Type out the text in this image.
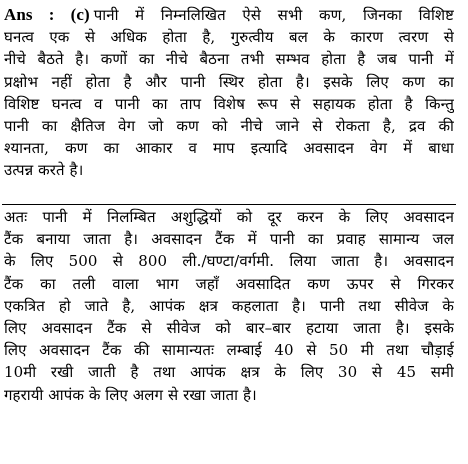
Ans : (c) पानी में निम्नलिखित ऐसे सभी कण, जिनका विशिष्ट
घनत्व एक से अधिक होता है, गुरुत्वीय बल के कारण त्वरण से
नीचे बैठते है। कणों का नीचे बैठना तभी सम्भव होता है जब पानी में
प्रक्षोभ नहीं होता है और पानी स्थिर होता है। इसके लिए कण का
विशिष्ट घनत्व व पानी का ताप विशेष रूप से सहायक होता है किन्तु
पानी का क्षैतिज वेग जो कण को नीचे जाने से रोकता है, द्रव की
श्यानता, कण का आकार व माप इत्यादि अवसादन वेग में बाधा
उत्पन्न करते है।
अतः पानी में निलम्बित अशुद्धियों को दूर करन के लिए अवसादन
टैंक बनाया जाता है। अवसादन टैंक में पानी का प्रवाह सामान्य जल
के लिए 500 से 800 ली./घण्टा/वर्गमी. लिया जाता है। अवसादन
टैंक का तली वाला भाग जहाँ अवसादित कण ऊपर से गिरकर
एकत्रित हो जाते है, आपंक क्षत्र कहलाता है। पानी तथा सीवेज के
लिए अवसादन टैंक से सीवेज को बार–बार हटाया जाता है। इसके
लिए अवसादन टैंक की सामान्यतः लम्बाई 40 से 50 मी तथा चौड़ाई
10मी रखी जाती है तथा आपंक क्षत्र के लिए 30 से 45 समी
गहरायी आपंक के लिए अलग से रखा जाता है।
